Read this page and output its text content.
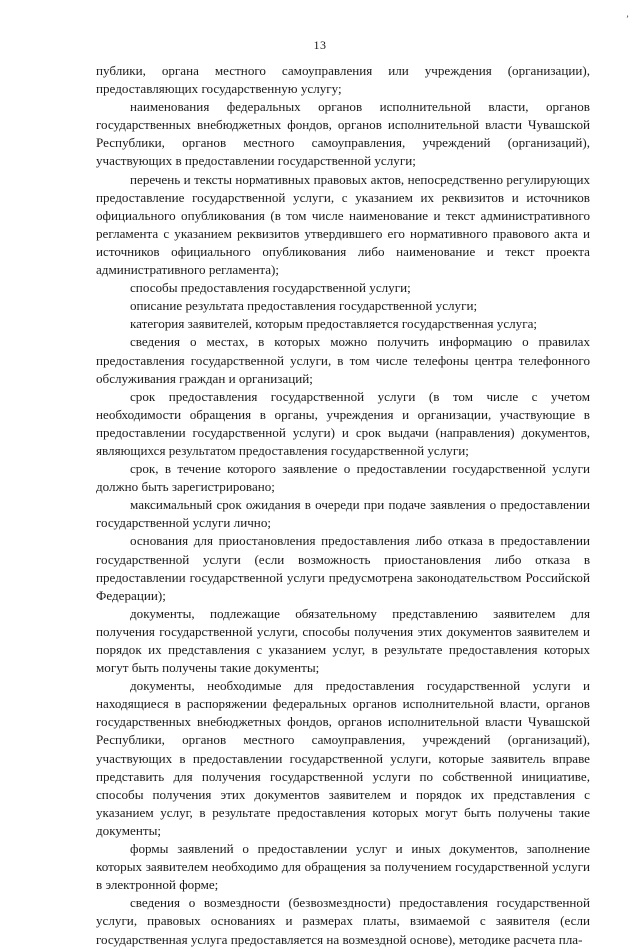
13
’

публики, органа местного самоуправления или учреждения (организации), предоставляющих государственную услугу;

наименования федеральных органов исполнительной власти, органов государственных внебюджетных фондов, органов исполнительной власти Чувашской Республики, органов местного самоуправления, учреждений (организаций), участвующих в предоставлении государственной услуги;

перечень и тексты нормативных правовых актов, непосредственно регулирующих предоставление государственной услуги, с указанием их реквизитов и источников официального опубликования (в том числе наименование и текст административного регламента с указанием реквизитов утвердившего его нормативного правового акта и источников официального опубликования либо наименование и текст проекта административного регламента);

способы предоставления государственной услуги;

описание результата предоставления государственной услуги;

категория заявителей, которым предоставляется государственная услуга;

сведения о местах, в которых можно получить информацию о правилах предоставления государственной услуги, в том числе телефоны центра телефонного обслуживания граждан и организаций;

срок предоставления государственной услуги (в том числе с учетом необходимости обращения в органы, учреждения и организации, участвующие в предоставлении государственной услуги) и срок выдачи (направления) документов, являющихся результатом предоставления государственной услуги;

срок, в течение которого заявление о предоставлении государственной услуги должно быть зарегистрировано;

максимальный срок ожидания в очереди при подаче заявления о предоставлении государственной услуги лично;

основания для приостановления предоставления либо отказа в предоставлении государственной услуги (если возможность приостановления либо отказа в предоставлении государственной услуги предусмотрена законодательством Российской Федерации);

документы, подлежащие обязательному представлению заявителем для получения государственной услуги, способы получения этих документов заявителем и порядок их представления с указанием услуг, в результате предоставления которых могут быть получены такие документы;

документы, необходимые для предоставления государственной услуги и находящиеся в распоряжении федеральных органов исполнительной власти, органов государственных внебюджетных фондов, органов исполнительной власти Чувашской Республики, органов местного самоуправления, учреждений (организаций), участвующих в предоставлении государственной услуги, которые заявитель вправе представить для получения государственной услуги по собственной инициативе, способы получения этих документов заявителем и порядок их представления с указанием услуг, в результате предоставления которых могут быть получены такие документы;

формы заявлений о предоставлении услуг и иных документов, заполнение которых заявителем необходимо для обращения за получением государственной услуги в электронной форме;

сведения о возмездности (безвозмездности) предоставления государственной услуги, правовых основаниях и размерах платы, взимаемой с заявителя (если государственная услуга предоставляется на возмездной основе), методике расчета пла-
